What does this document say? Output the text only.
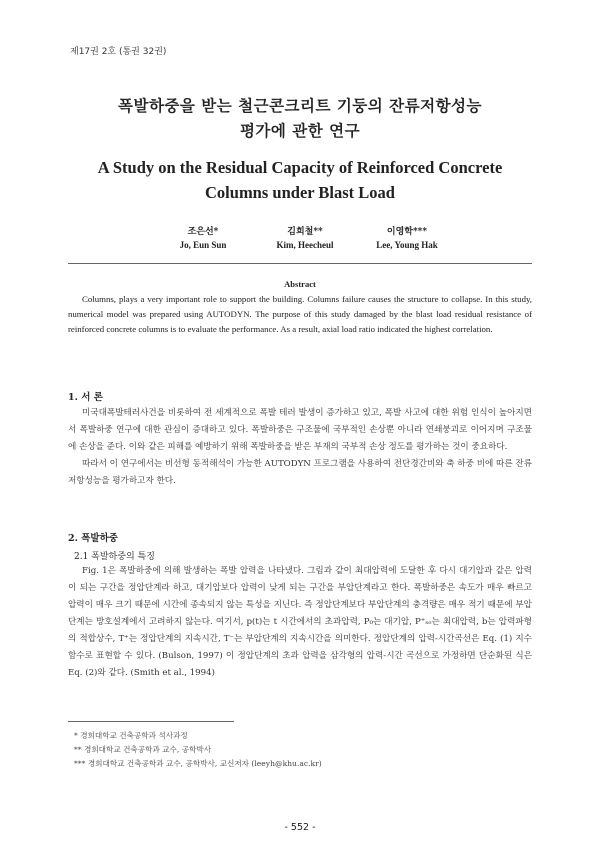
제17권 2호 (통권 32권)
폭발하중을 받는 철근콘크리트 기둥의 잔류저항성능
평가에 관한 연구
A Study on the Residual Capacity of Reinforced Concrete
Columns under Blast Load
조은선*
Jo, Eun Sun
김희철**
Kim, Heecheul
이영학***
Lee, Young Hak
Abstract
Columns, plays a very important role to support the building. Columns failure causes the structure to collapse. In this study, numerical model was prepared using AUTODYN. The purpose of this study damaged by the blast load residual resistance of reinforced concrete columns is to evaluate the performance. As a result, axial load ratio indicated the highest correlation.
1. 서 론

미국대폭발테러사건을 비롯하여 전 세계적으로 폭발 테러 발생이 증가하고 있고, 폭발 사고에 대한 위험 인식이 높아지면서 폭발하중 연구에 대한 관심이 증대하고 있다. 폭발하중은 구조물에 국부적인 손상뿐 아니라 연쇄붕괴로 이어지며 구조물에 손상을 준다. 이와 같은 피해를 예방하기 위해 폭발하중을 받은 부재의 국부적 손상 정도를 평가하는 것이 중요하다.

따라서 이 연구에서는 비선형 동적해석이 가능한 AUTODYN 프로그램을 사용하여 전단경간비와 축 하중 비에 따른 잔류 저항성능을 평가하고자 한다.

2. 폭발하중
2.1 폭발하중의 특징

Fig. 1은 폭발하중에 의해 발생하는 폭발 압력을 나타냈다. 그림과 같이 최대압력에 도달한 후 다시 대기압과 같은 압력이 되는 구간을 정압단계라 하고, 대기압보다 압력이 낮게 되는 구간을 부압단계라고 한다. 폭발하중은 속도가 매우 빠르고 압력이 매우 크기 때문에 시간에 종속되지 않는 특성을 지닌다. 즉 정압단계보다 부압단계의 충격량은 매우 적기 때문에 부압단계는 방호설계에서 고려하지 않는다. 여기서, p(t)는 t 시간에서의 초과압력, P₀는 대기압, P⁺ₛₒ는 최대압력, b는 압력파형의 적합상수, T⁺는 정압단계의 지속시간, T⁻는 부압단계의 지속시간을 의미한다. 정압단계의 압력-시간곡선은 Eq. (1) 지수함수로 표현할 수 있다. (Bulson, 1997) 이 정압단계의 초과 압력을 삼각형의 압력-시간 곡선으로 가정하면 단순화된 식은 Eq. (2)와 같다. (Smith et al., 1994)

* 경희대학교 건축공학과 석사과정
** 경희대학교 건축공학과 교수, 공학박사
*** 경희대학교 건축공학과 교수, 공학박사, 교신저자 (leeyh@khu.ac.kr)
- 552 -
